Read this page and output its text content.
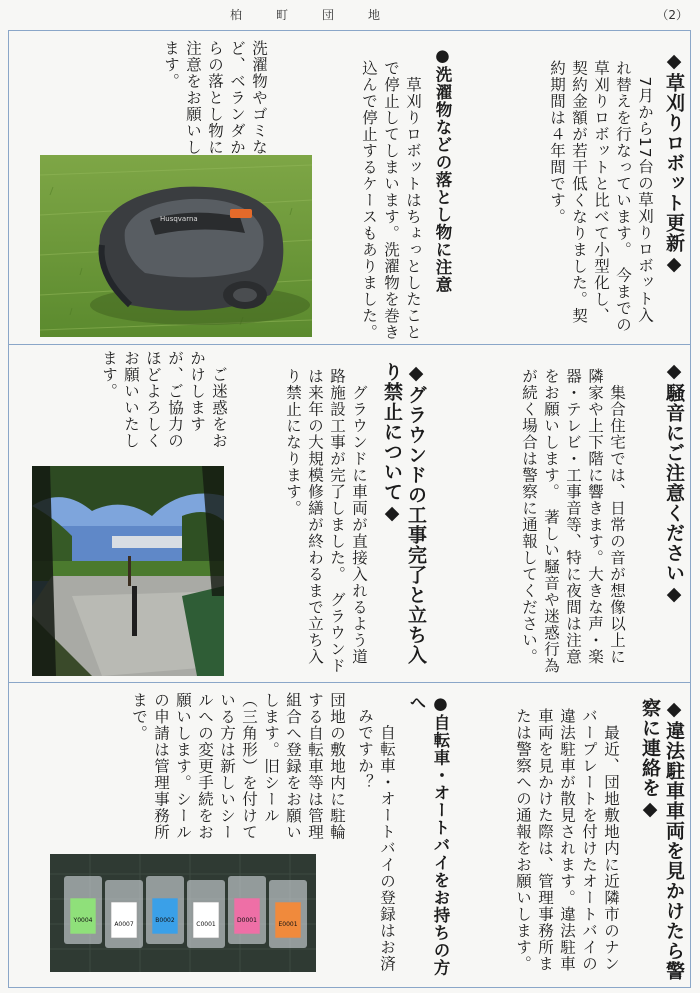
柏町団地	（2）
◆草刈りロボット更新◆
　7月から17台の草刈りロボット入れ替えを行なっています。　今までの草刈りロボットと比べて小型化し、契約金額が若干低くなりました。契約期間は４年間です。
●洗濯物などの落とし物に注意
　草刈りロボットはちょっとしたことで停止してしまいます。洗濯物を巻き込んで停止するケースもありました。
洗濯物やゴミなど、ベランダからの落とし物に注意をお願いします。
Husqvarna
◆騒音にご注意ください◆
　集合住宅では、日常の音が想像以上に隣家や上下階に響きます。大きな声・楽器・テレビ・工事音等、特に夜間は注意をお願いします。　著しい騒音や迷惑行為が続く場合は警察に通報してください。
◆グラウンドの工事完了と立ち入り禁止について◆
　グラウンドに車両が直接入れるよう道路施設工事が完了しました。　グラウンドは来年の大規模修繕が終わるまで立ち入り禁止になります。
　ご迷惑をおかけしますが、ご協力のほどよろしくお願いいたします。
◆違法駐車車両を見かけたら警察に連絡を◆
　最近、団地敷地内に近隣市のナンバープレートを付けたオートバイの違法駐車が散見されます。違法駐車車両を見かけた際は、管理事務所または警察への通報をお願いします。
●自転車・オートバイをお持ちの方へ
　自転車・オートバイの登録はお済みですか？
団地の敷地内に駐輪する自転車等は管理組合へ登録をお願いします。旧シール（三角形）を付けている方は新しいシールへの変更手続をお願いします。シールの申請は管理事務所まで。
Y0004
A0007
B0002
C0001
D0001
E0001
